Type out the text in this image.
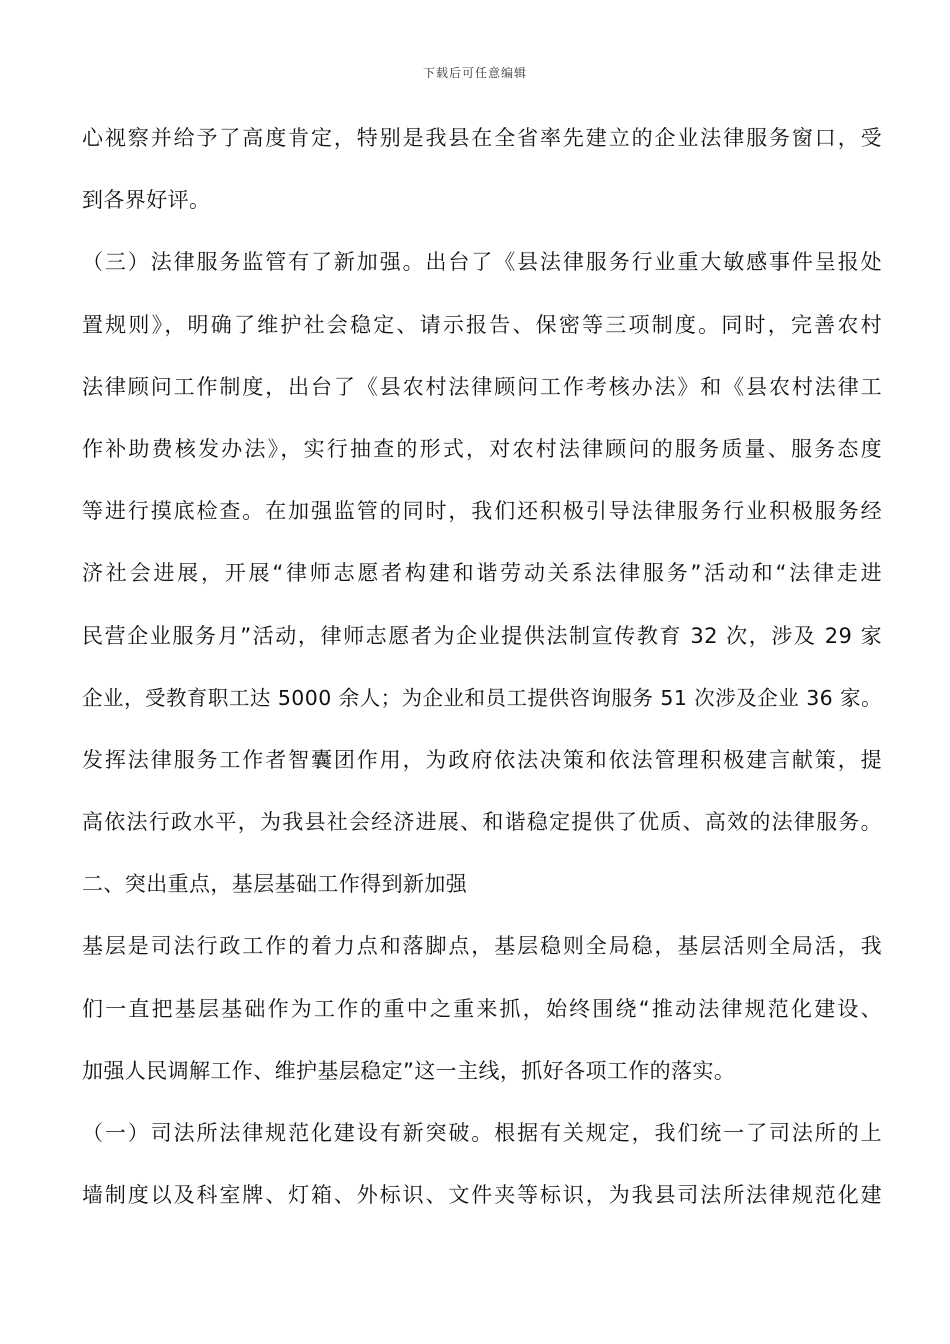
下载后可任意编辑
心视察并给予了高度肯定，特别是我县在全省率先建立的企业法律服务窗口，受
到各界好评。
（三）法律服务监管有了新加强。出台了《县法律服务行业重大敏感事件呈报处
置规则》，明确了维护社会稳定、请示报告、保密等三项制度。同时，完善农村
法律顾问工作制度，出台了《县农村法律顾问工作考核办法》和《县农村法律工
作补助费核发办法》，实行抽查的形式，对农村法律顾问的服务质量、服务态度
等进行摸底检查。在加强监管的同时，我们还积极引导法律服务行业积极服务经
济社会进展，开展“律师志愿者构建和谐劳动关系法律服务”活动和“法律走进
民营企业服务月”活动，律师志愿者为企业提供法制宣传教育 32 次，涉及 29 家
企业，受教育职工达 5000 余人；为企业和员工提供咨询服务 51 次涉及企业 36 家。
发挥法律服务工作者智囊团作用，为政府依法决策和依法管理积极建言献策，提
高依法行政水平，为我县社会经济进展、和谐稳定提供了优质、高效的法律服务。
二、突出重点，基层基础工作得到新加强
基层是司法行政工作的着力点和落脚点，基层稳则全局稳，基层活则全局活，我
们一直把基层基础作为工作的重中之重来抓，始终围绕“推动法律规范化建设、
加强人民调解工作、维护基层稳定”这一主线，抓好各项工作的落实。
（一）司法所法律规范化建设有新突破。根据有关规定，我们统一了司法所的上
墙制度以及科室牌、灯箱、外标识、文件夹等标识，为我县司法所法律规范化建
